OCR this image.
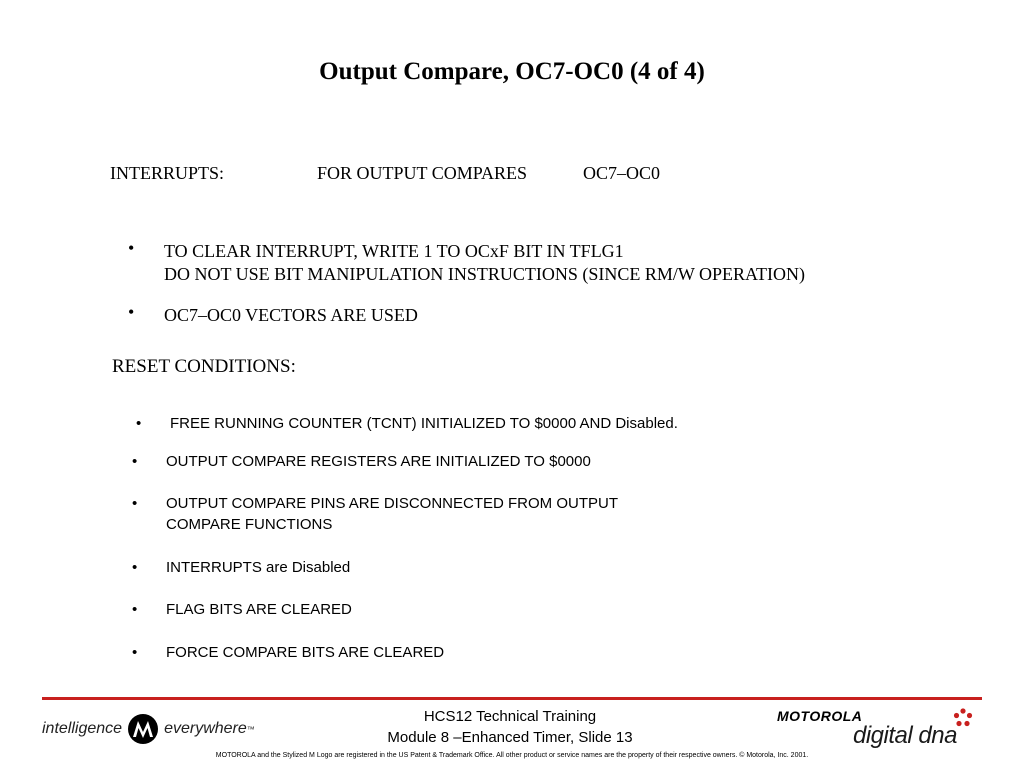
Output Compare, OC7-OC0 (4 of 4)
INTERRUPTS:	FOR OUTPUT COMPARES	OC7–OC0
• TO CLEAR INTERRUPT, WRITE 1 TO OCxF BIT IN TFLG1
DO NOT USE BIT MANIPULATION INSTRUCTIONS (SINCE RM/W OPERATION)
• OC7–OC0 VECTORS ARE USED
RESET CONDITIONS:
• FREE RUNNING COUNTER (TCNT) INITIALIZED TO $0000 AND Disabled.
• OUTPUT COMPARE REGISTERS ARE INITIALIZED TO $0000
• OUTPUT COMPARE PINS ARE DISCONNECTED FROM OUTPUT
COMPARE FUNCTIONS
• INTERRUPTS are Disabled
• FLAG BITS ARE CLEARED
• FORCE COMPARE BITS ARE CLEARED
intelligence	everywhere ™
HCS12 Technical Training
Module 8 –Enhanced Timer, Slide 13
MOTOROLA
digital dna
MOTOROLA and the Stylized M Logo are registered in the US Patent & Trademark Office. All other product or service names are the property of their respective owners. © Motorola, Inc. 2001.
